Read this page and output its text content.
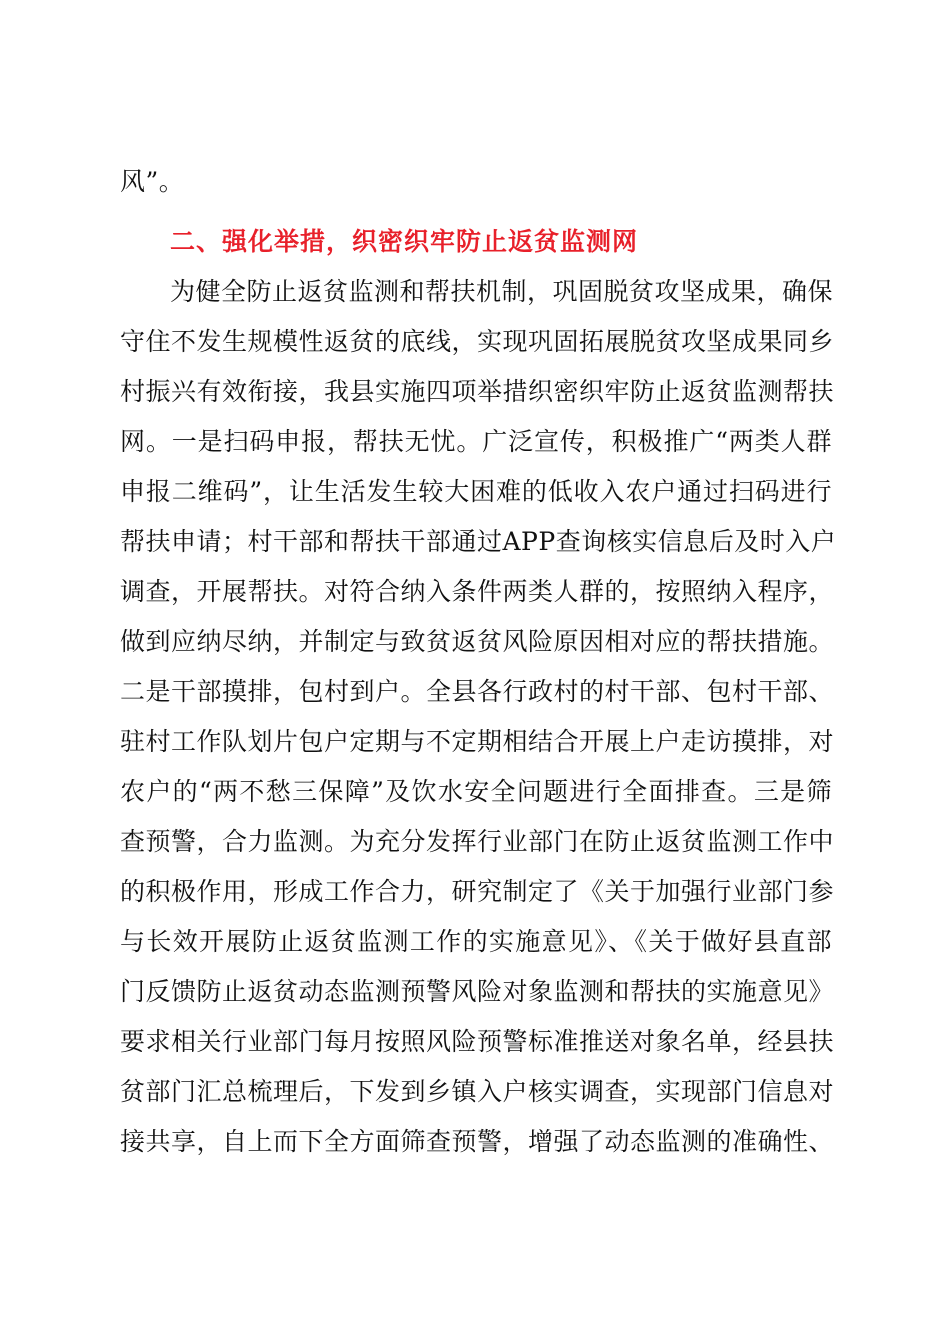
风”。
二、强化举措，织密织牢防止返贫监测网
为健全防止返贫监测和帮扶机制，巩固脱贫攻坚成果，确保
守住不发生规模性返贫的底线，实现巩固拓展脱贫攻坚成果同乡
村振兴有效衔接，我县实施四项举措织密织牢防止返贫监测帮扶
网。一是扫码申报，帮扶无忧。广泛宣传，积极推广“两类人群
申报二维码”，让生活发生较大困难的低收入农户通过扫码进行
帮扶申请；村干部和帮扶干部通过APP查询核实信息后及时入户
调查，开展帮扶。对符合纳入条件两类人群的，按照纳入程序，
做到应纳尽纳，并制定与致贫返贫风险原因相对应的帮扶措施。
二是干部摸排，包村到户。全县各行政村的村干部、包村干部、
驻村工作队划片包户定期与不定期相结合开展上户走访摸排，对
农户的“两不愁三保障”及饮水安全问题进行全面排查。三是筛
查预警，合力监测。为充分发挥行业部门在防止返贫监测工作中
的积极作用，形成工作合力，研究制定了《关于加强行业部门参
与长效开展防止返贫监测工作的实施意见》、《关于做好县直部
门反馈防止返贫动态监测预警风险对象监测和帮扶的实施意见》
要求相关行业部门每月按照风险预警标准推送对象名单，经县扶
贫部门汇总梳理后，下发到乡镇入户核实调查，实现部门信息对
接共享，自上而下全方面筛查预警，增强了动态监测的准确性、
